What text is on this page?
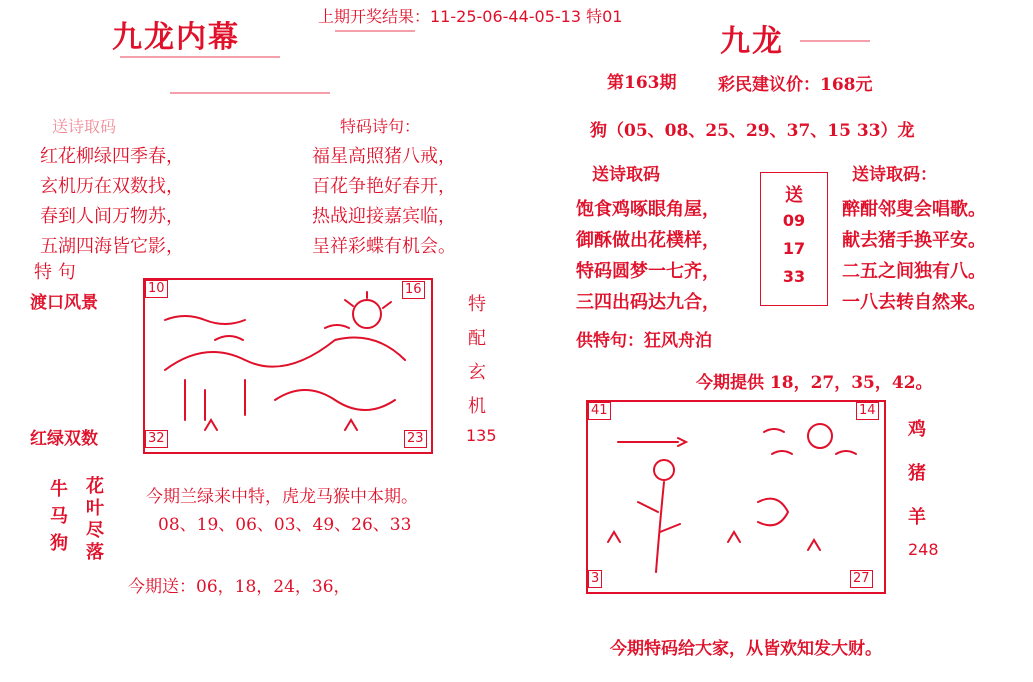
上期开奖结果：11-25-06-44-05-13 特01
九龙内幕
送诗取码	特码诗句：
红花柳绿四季春，
玄机历在双数找，
春到人间万物苏，
五湖四海皆它影，
福星高照猪八戒，
百花争艳好春开，
热战迎接嘉宾临，
呈祥彩蝶有机会。
特 句
渡口风景
红绿双数
10	16
32	23
特
配
玄
机
135
牛
马
狗
花
叶
尽
落
今期兰绿来中特，虎龙马猴中本期。
08、19、06、03、49、26、33
今期送：06，18，24，36，
九龙
第163期 彩民建议价：168元
狗（05、08、25、29、37、15 33）龙
送诗取码	送诗取码：
饱食鸡啄眼角屋，
御酥做出花樸样，
特码圆梦一七齐，
三四出码达九合，
送
09
17
33
醉酣邻叟会唱歌。
献去猪手换平安。
二五之间独有八。
一八去转自然来。
供特句：狂风舟泊
今期提供 18，27，35，42。
41	14
3	27
鸡
猪
羊
248
今期特码给大家，从皆欢知发大财。
